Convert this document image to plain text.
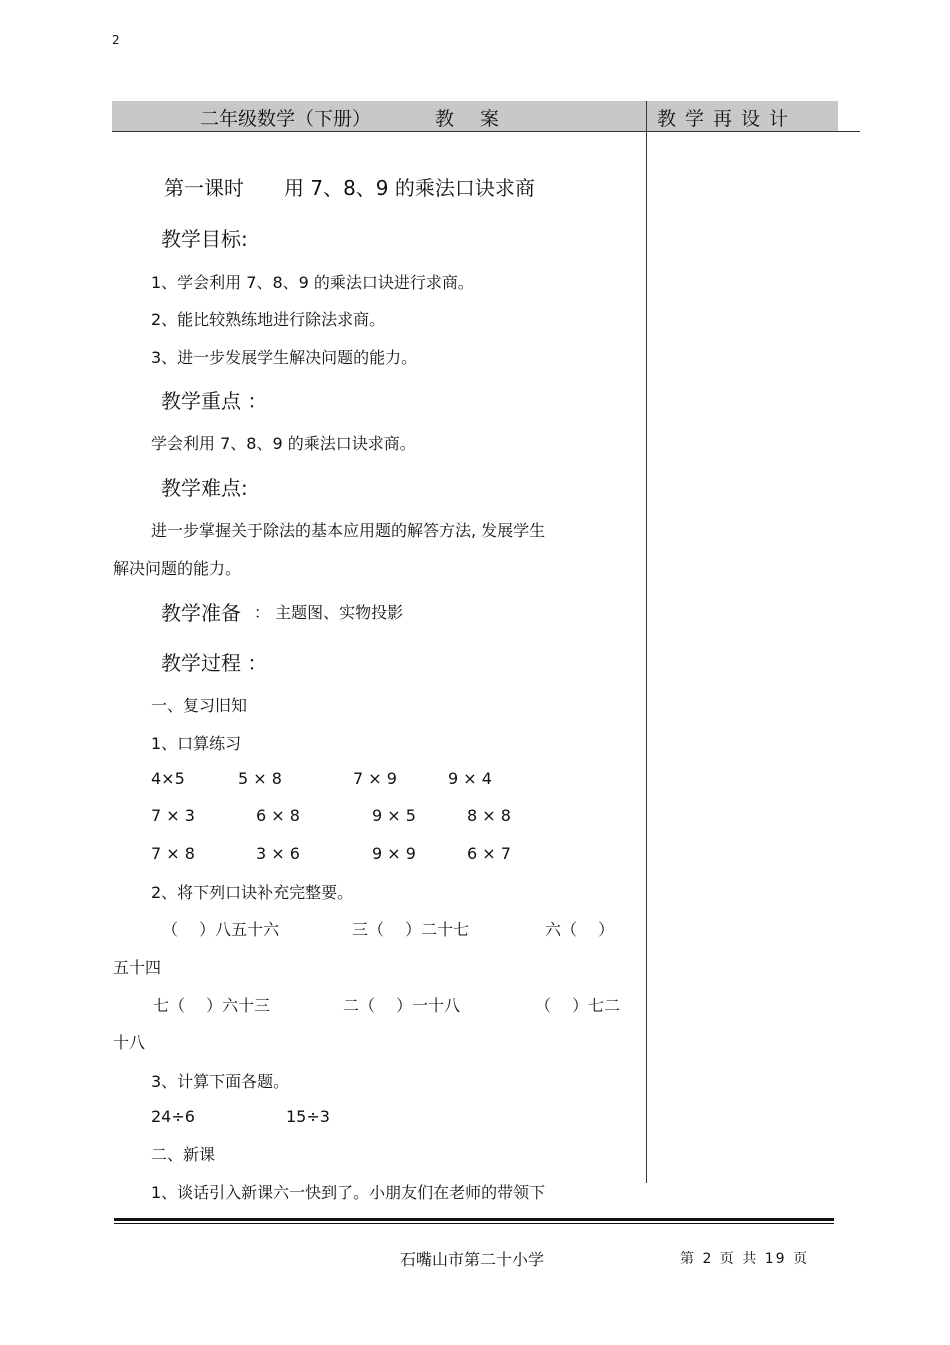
2
二年级数学（下册）	教案	教学再设计
第一课时　　用 7、8、9 的乘法口诀求商
教学目标:
1、学会利用 7、8、9 的乘法口诀进行求商。
2、能比较熟练地进行除法求商。
3、进一步发展学生解决问题的能力。
教学重点 ：
学会利用 7、8、9 的乘法口诀求商。
教学难点:
进一步掌握关于除法的基本应用题的解答方法, 发展学生
解决问题的能力。
教学准备 ： 主题图、实物投影
教学过程 ：
一、复习旧知
1、口算练习
4×5	5 × 8	7 × 9	9 × 4
7 × 3	6 × 8	9 × 5	8 × 8
7 × 8	3 × 6	9 × 9	6 × 7
2、将下列口诀补充完整要。
（　 ）八五十六	三（　 ）二十七	六（　 ）
五十四
七（　 ）六十三	二（　 ）一十八	（　 ）七二
十八
3、计算下面各题。
24÷6	15÷3
二、新课
1、谈话引入新课六一快到了。小朋友们在老师的带领下
石嘴山市第二十小学	第 2 页 共 19 页
